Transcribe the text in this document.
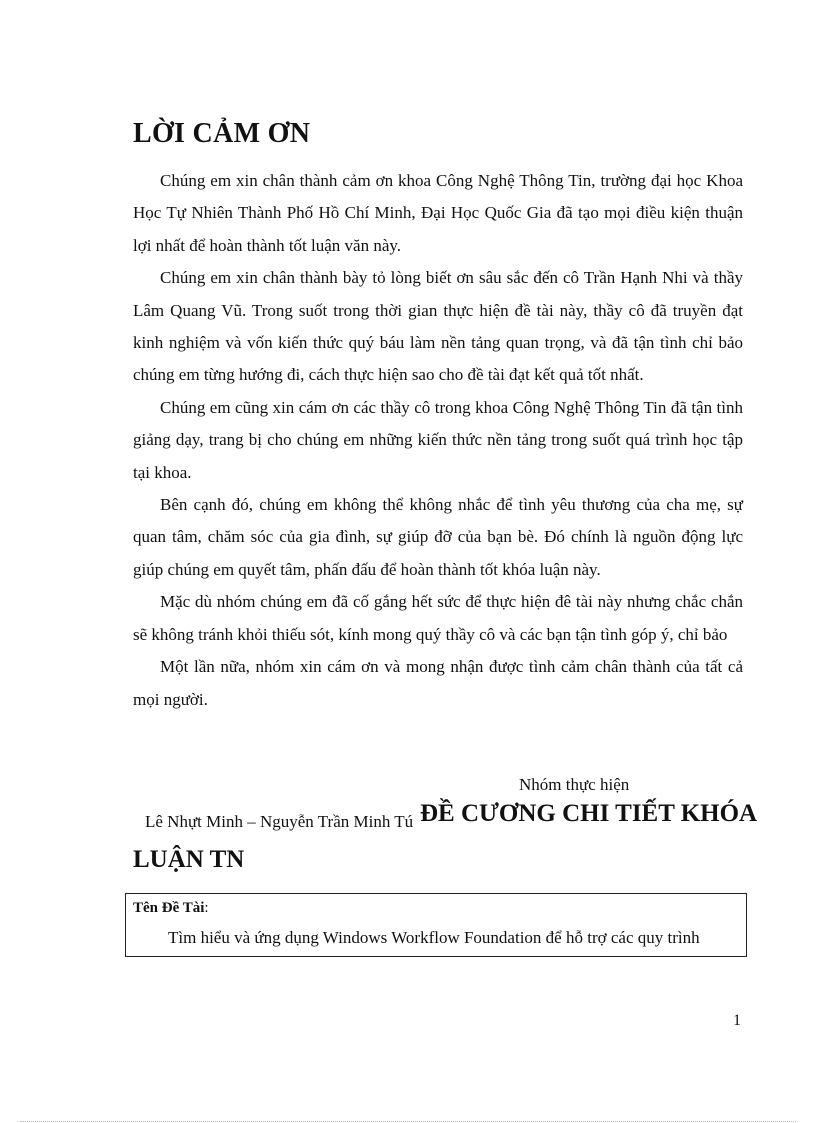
LỜI CẢM ƠN

Chúng em xin chân thành cảm ơn khoa Công Nghệ Thông Tin, trường đại học Khoa Học Tự Nhiên Thành Phố Hồ Chí Minh, Đại Học Quốc Gia đã tạo mọi điều kiện thuận lợi nhất để hoàn thành tốt luận văn này.

Chúng em xin chân thành bày tỏ lòng biết ơn sâu sắc đến cô Trần Hạnh Nhi và thầy Lâm Quang Vũ. Trong suốt trong thời gian thực hiện đề tài này, thầy cô đã truyền đạt kinh nghiệm và vốn kiến thức quý báu làm nền tảng quan trọng, và đã tận tình chỉ bảo chúng em từng hướng đi, cách thực hiện sao cho đề tài đạt kết quả tốt nhất.

Chúng em cũng xin cám ơn các thầy cô trong khoa Công Nghệ Thông Tin đã tận tình giảng dạy, trang bị cho chúng em những kiến thức nền tảng trong suốt quá trình học tập tại khoa.

Bên cạnh đó, chúng em không thể không nhắc để tình yêu thương của cha mẹ, sự quan tâm, chăm sóc của gia đình, sự giúp đỡ của bạn bè. Đó chính là nguồn động lực giúp chúng em quyết tâm, phấn đấu để hoàn thành tốt khóa luận này.

Mặc dù nhóm chúng em đã cố gắng hết sức để thực hiện đê tài này nhưng chắc chắn sẽ không tránh khỏi thiếu sót, kính mong quý thầy cô và các bạn tận tình góp ý, chỉ bảo

Một lần nữa, nhóm xin cám ơn và mong nhận được tình cảm chân thành của tất cả mọi người.

Nhóm thực hiện
Lê Nhựt Minh – Nguyễn Trần Minh Tú ĐỀ CƯƠNG CHI TIẾT KHÓA
LUẬN TN
Tên Đề Tài:
Tìm hiểu và ứng dụng Windows Workflow Foundation để hỗ trợ các quy trình
1
